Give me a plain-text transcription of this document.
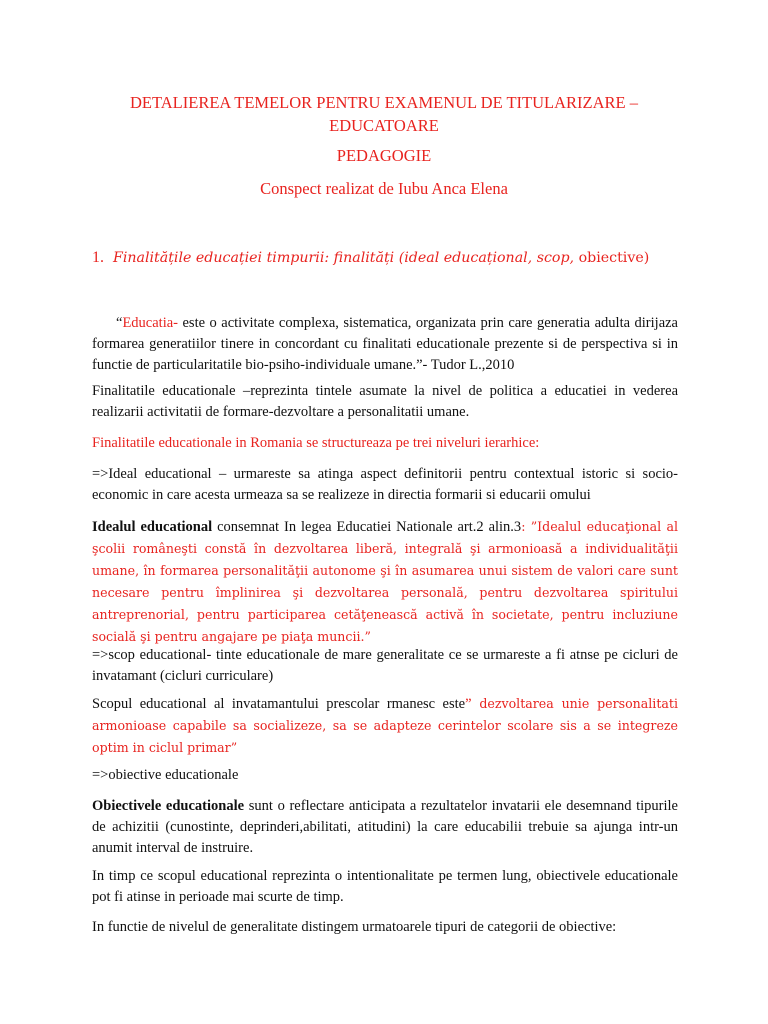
DETALIEREA TEMELOR PENTRU EXAMENUL DE TITULARIZARE –
EDUCATOARE
PEDAGOGIE
Conspect realizat de Iubu Anca Elena
1. Finalitățile educației timpurii: finalități (ideal educațional, scop, obiective)

“Educatia- este o activitate complexa, sistematica, organizata prin care generatia adulta dirijaza formarea generatiilor tinere in concordant cu finalitati educationale prezente si de perspectiva si in functie de particularitatile bio-psiho-individuale umane.”- Tudor L.,2010

Finalitatile educationale –reprezinta tintele asumate la nivel de politica a educatiei in vederea realizarii activitatii de formare-dezvoltare a personalitatii umane.

Finalitatile educationale in Romania se structureaza pe trei niveluri ierarhice:

=>Ideal educational – urmareste sa atinga aspect definitorii pentru contextual istoric si socio-economic in care acesta urmeaza sa se realizeze in directia formarii si educarii omului

Idealul educational consemnat In legea Educatiei Nationale art.2 alin.3: ”Idealul educaţional al şcolii româneşti constă în dezvoltarea liberă, integrală şi armonioasă a individualităţii umane, în formarea personalităţii autonome şi în asumarea unui sistem de valori care sunt necesare pentru împlinirea şi dezvoltarea personală, pentru dezvoltarea spiritului antreprenorial, pentru participarea cetăţenească activă în societate, pentru incluziune socială şi pentru angajare pe piaţa muncii.”

=>scop educational- tinte educationale de mare generalitate ce se urmareste a fi atnse pe cicluri de invatamant (cicluri curriculare)

Scopul educational al invatamantului prescolar rmanesc este” dezvoltarea unie personalitati armonioase capabile sa socializeze, sa se adapteze cerintelor scolare sis a se integreze optim in ciclul primar”

=>obiective educationale

Obiectivele educationale sunt o reflectare anticipata a rezultatelor invatarii ele desemnand tipurile de achizitii (cunostinte, deprinderi,abilitati, atitudini) la care educabilii trebuie sa ajunga intr-un anumit interval de instruire.

In timp ce scopul educational reprezinta o intentionalitate pe termen lung, obiectivele educationale pot fi atinse in perioade mai scurte de timp.

In functie de nivelul de generalitate distingem urmatoarele tipuri de categorii de obiective:
